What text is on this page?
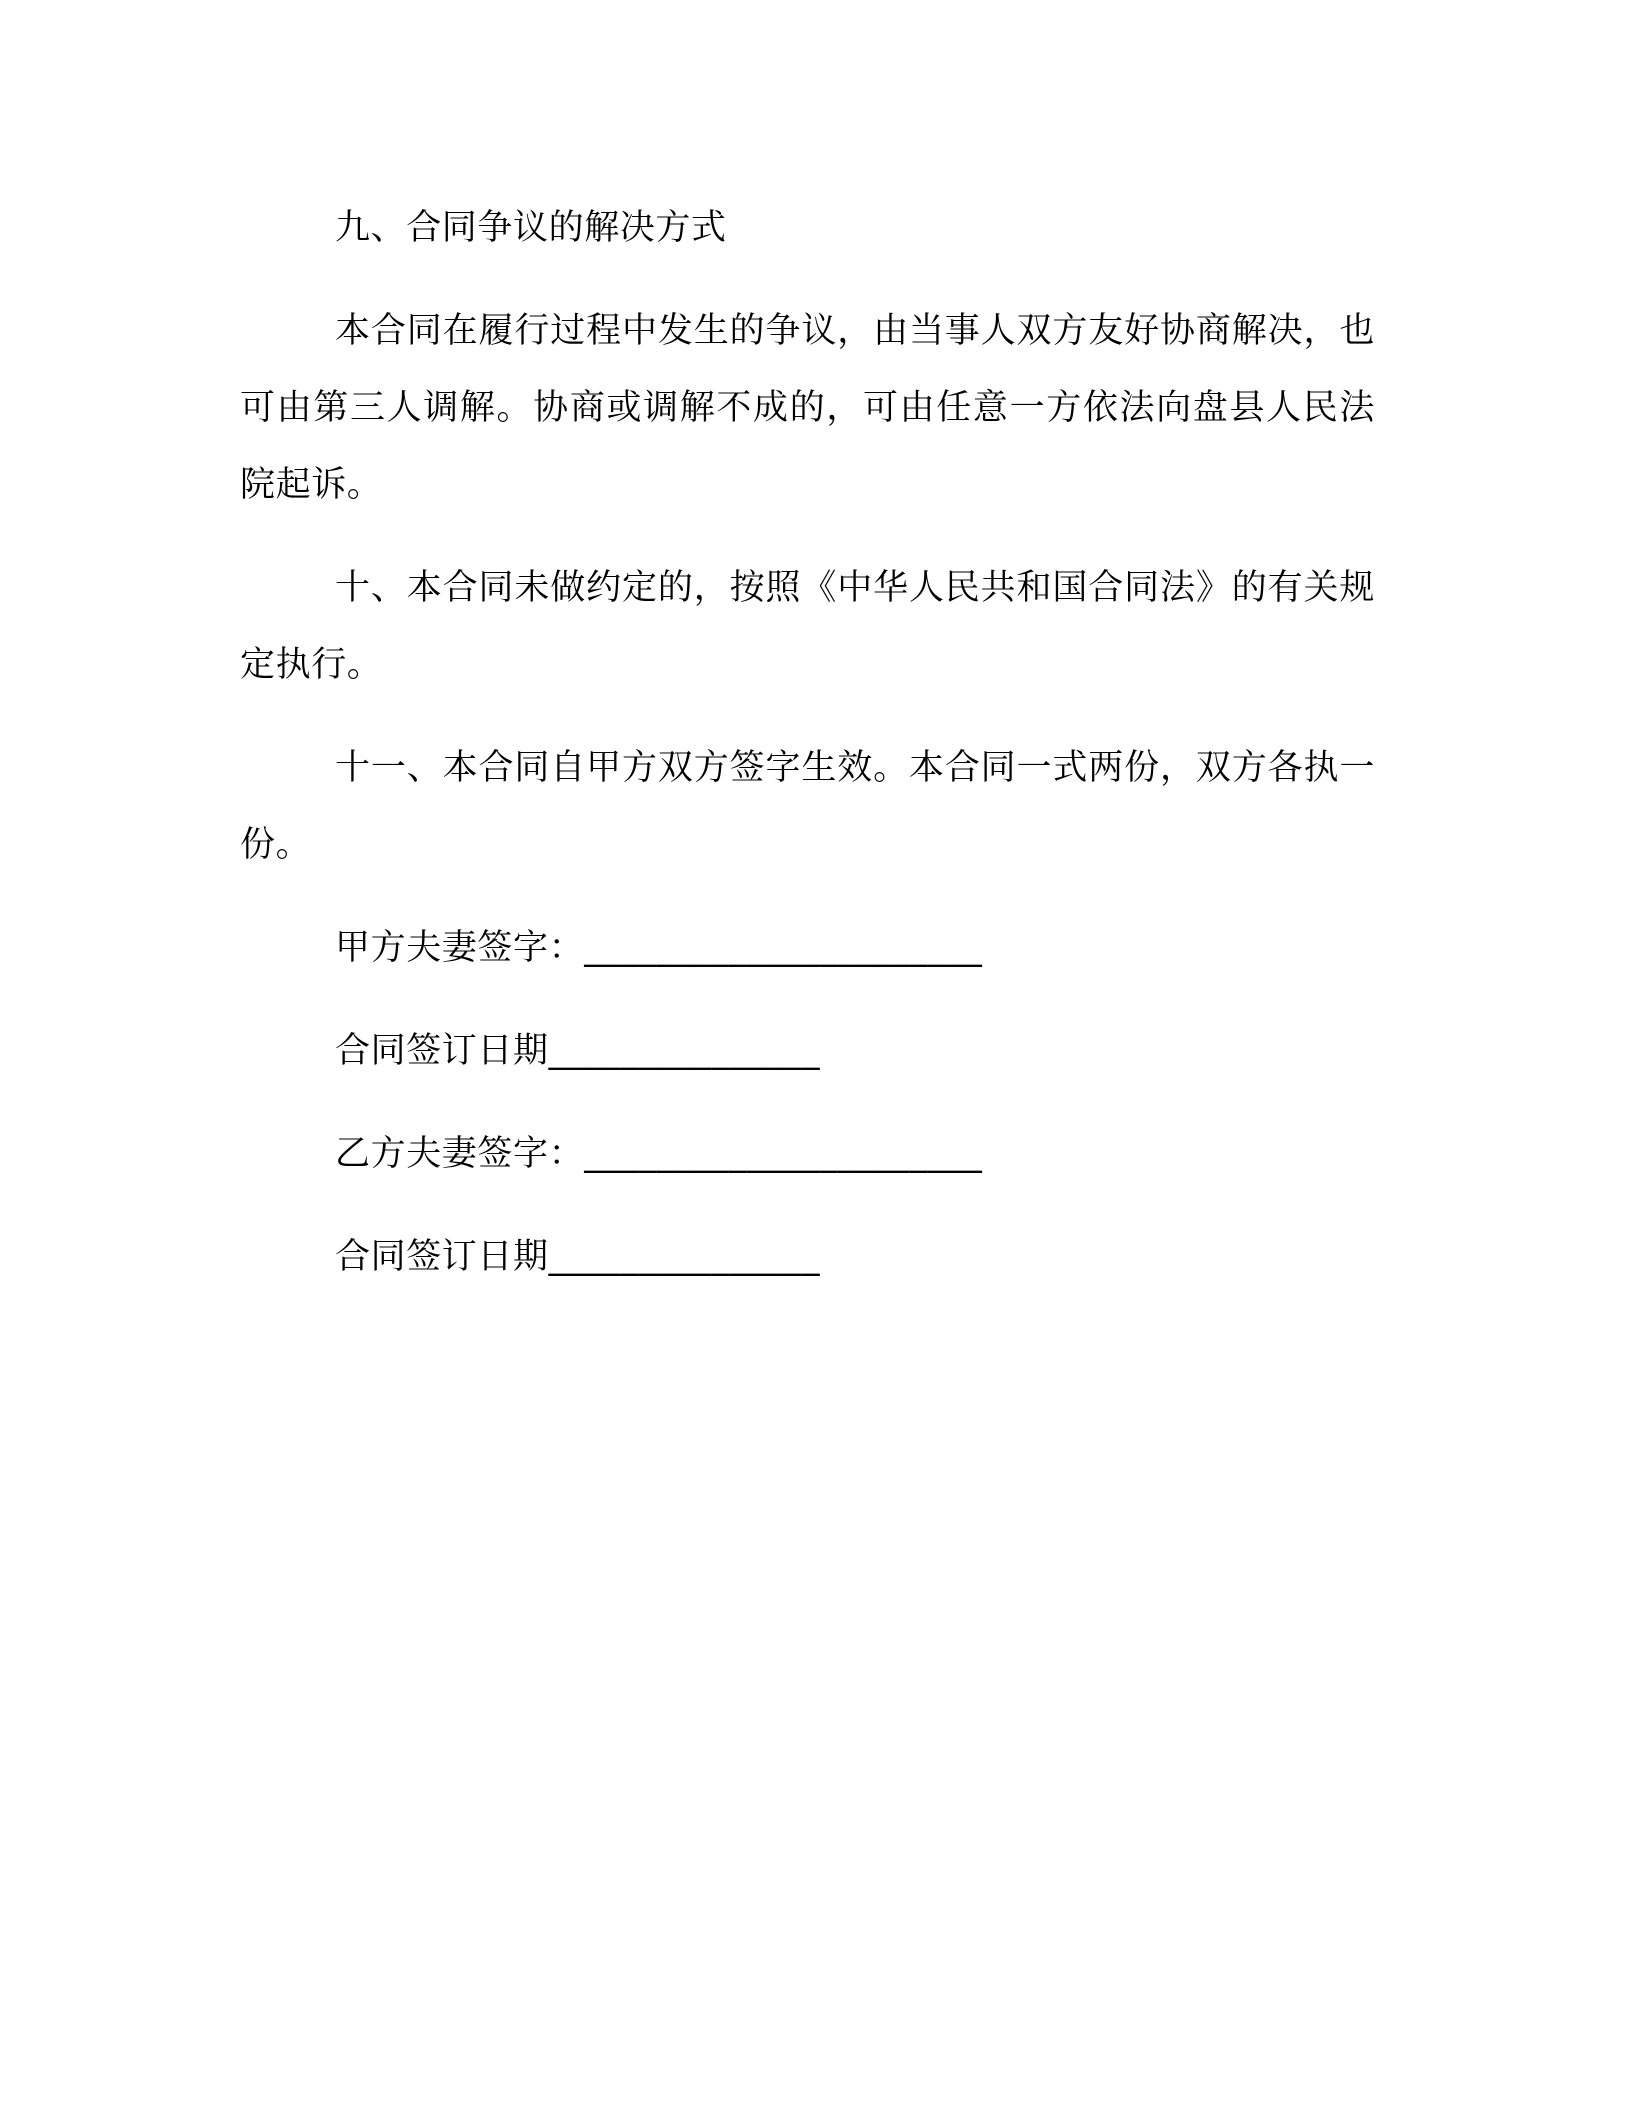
九、合同争议的解决方式

本合同在履行过程中发生的争议，由当事人双方友好协商解决，也可由第三人调解。协商或调解不成的，可由任意一方依法向盘县人民法院起诉。

十、本合同未做约定的，按照《中华人民共和国合同法》的有关规定执行。

十一、本合同自甲方双方签字生效。本合同一式两份，双方各执一份。

甲方夫妻签字：______________________
合同签订日期_______________
乙方夫妻签字：______________________
合同签订日期_______________
